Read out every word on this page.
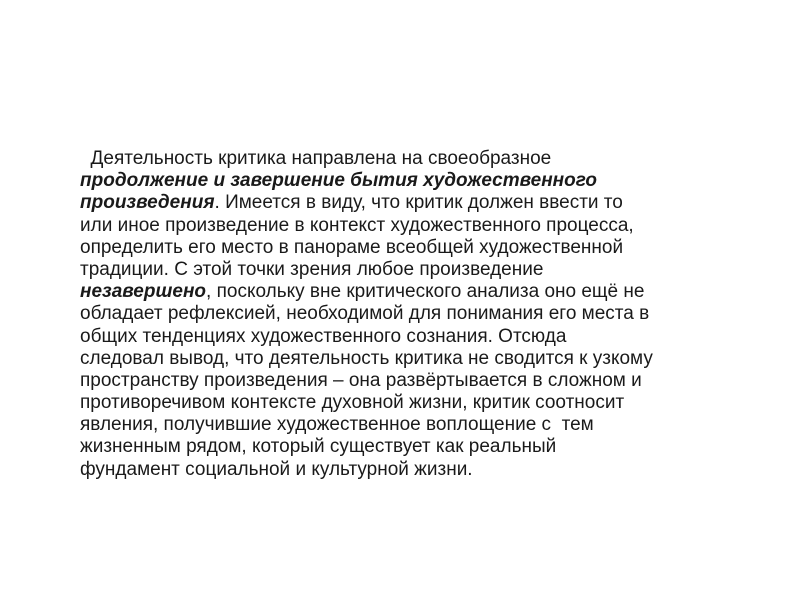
Деятельность критика направлена на своеобразное
продолжение и завершение бытия художественного
произведения. Имеется в виду, что критик должен ввести то
или иное произведение в контекст художественного процесса,
определить его место в панораме всеобщей художественной
традиции. С этой точки зрения любое произведение
незавершено, поскольку вне критического анализа оно ещё не
обладает рефлексией, необходимой для понимания его места в
общих тенденциях художественного сознания. Отсюда
следовал вывод, что деятельность критика не сводится к узкому
пространству произведения – она развёртывается в сложном и
противоречивом контексте духовной жизни, критик соотносит
явления, получившие художественное воплощение с  тем
жизненным рядом, который существует как реальный
фундамент социальной и культурной жизни.
